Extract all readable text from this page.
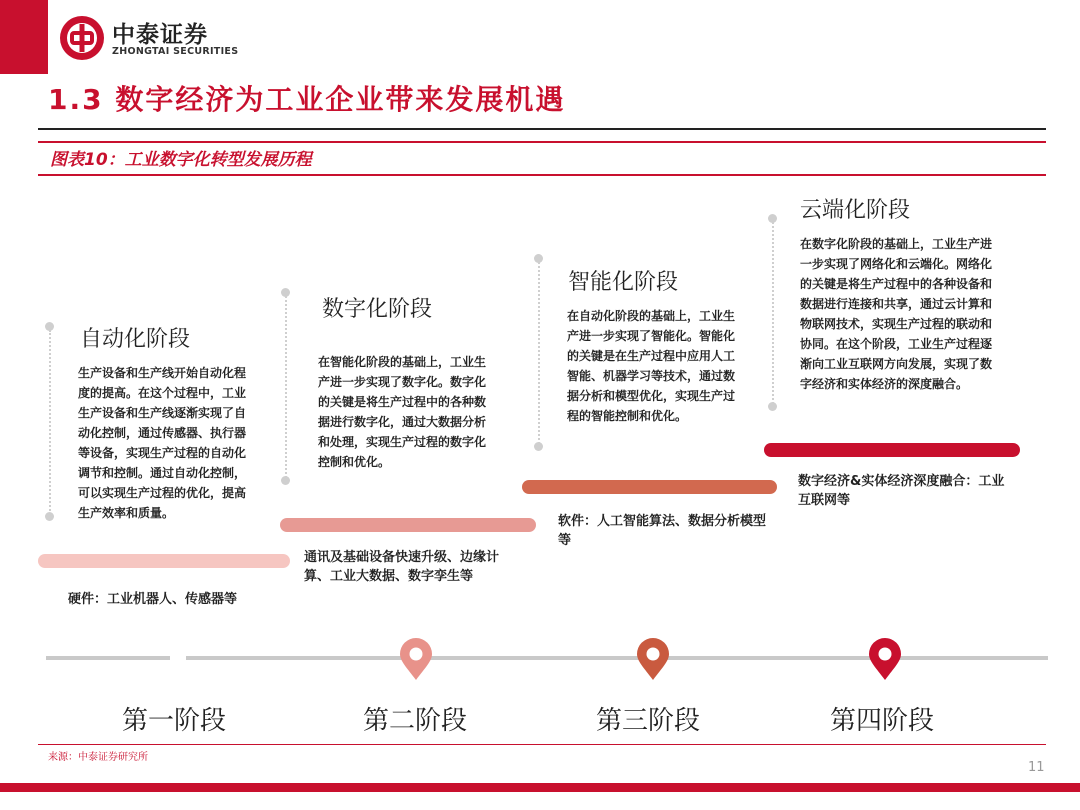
中泰证券
ZHONGTAI SECURITIES
1.3 数字经济为工业企业带来发展机遇
图表10：工业数字化转型发展历程
自动化阶段
生产设备和生产线开始自动化程度的提高。在这个过程中，工业生产设备和生产线逐渐实现了自动化控制，通过传感器、执行器等设备，实现生产过程的自动化调节和控制。通过自动化控制，可以实现生产过程的优化，提高生产效率和质量。
硬件：工业机器人、传感器等
数字化阶段
在智能化阶段的基础上，工业生产进一步实现了数字化。数字化的关键是将生产过程中的各种数据进行数字化，通过大数据分析和处理，实现生产过程的数字化控制和优化。
通讯及基础设备快速升级、边缘计算、工业大数据、数字孪生等
智能化阶段
在自动化阶段的基础上，工业生产进一步实现了智能化。智能化的关键是在生产过程中应用人工智能、机器学习等技术，通过数据分析和模型优化，实现生产过程的智能控制和优化。
软件：人工智能算法、数据分析模型等
云端化阶段
在数字化阶段的基础上，工业生产进一步实现了网络化和云端化。网络化的关键是将生产过程中的各种设备和数据进行连接和共享，通过云计算和物联网技术，实现生产过程的联动和协同。在这个阶段，工业生产过程逐渐向工业互联网方向发展，实现了数字经济和实体经济的深度融合。
数字经济&实体经济深度融合：工业互联网等
第一阶段	第二阶段	第三阶段	第四阶段
来源：中泰证券研究所
11
